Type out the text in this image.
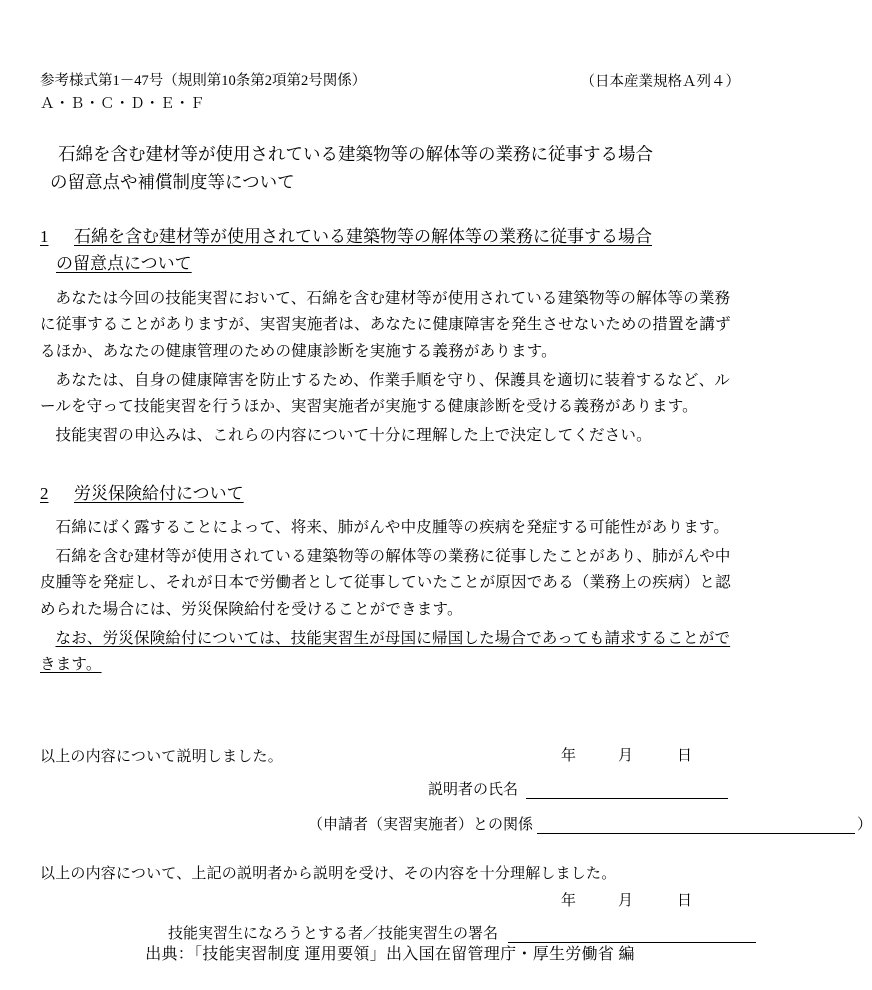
参考様式第1－47号（規則第10条第2項第2号関係）
Ａ・Ｂ・Ｃ・Ｄ・Ｅ・Ｆ
（日本産業規格Ａ列４）
石綿を含む建材等が使用されている建築物等の解体等の業務に従事する場合
の留意点や補償制度等について
1 石綿を含む建材等が使用されている建築物等の解体等の業務に従事する場合
の留意点について
あなたは今回の技能実習において、石綿を含む建材等が使用されている建築物等の解体等の業務に従事することがありますが、実習実施者は、あなたに健康障害を発生させないための措置を講ずるほか、あなたの健康管理のための健康診断を実施する義務があります。
あなたは、自身の健康障害を防止するため、作業手順を守り、保護具を適切に装着するなど、ルールを守って技能実習を行うほか、実習実施者が実施する健康診断を受ける義務があります。
技能実習の申込みは、これらの内容について十分に理解した上で決定してください。
2 労災保険給付について
石綿にばく露することによって、将来、肺がんや中皮腫等の疾病を発症する可能性があります。
石綿を含む建材等が使用されている建築物等の解体等の業務に従事したことがあり、肺がんや中皮腫等を発症し、それが日本で労働者として従事していたことが原因である（業務上の疾病）と認められた場合には、労災保険給付を受けることができます。
なお、労災保険給付については、技能実習生が母国に帰国した場合であっても請求することができます。
以上の内容について説明しました。	年	月	日
説明者の氏名
（申請者（実習実施者）との関係	）
以上の内容について、上記の説明者から説明を受け、その内容を十分理解しました。
年	月	日
技能実習生になろうとする者／技能実習生の署名
出典：「技能実習制度 運用要領」出入国在留管理庁・厚生労働省 編
